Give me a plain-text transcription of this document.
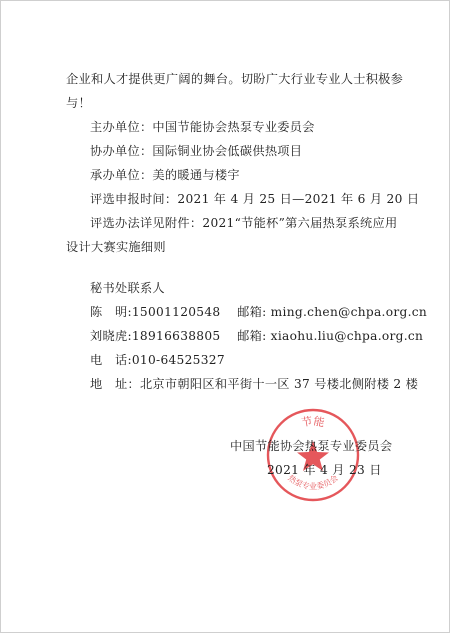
企业和人才提供更广阔的舞台。切盼广大行业专业人士积极参
与！
主办单位：中国节能协会热泵专业委员会
协办单位：国际铜业协会低碳供热项目
承办单位：美的暖通与楼宇
评选申报时间：2021 年 4 月 25 日—2021 年 6 月 20 日
评选办法详见附件：2021“节能杯”第六届热泵系统应用
设计大赛实施细则
秘书处联系人
陈　明:15001120548　 邮箱: ming.chen@chpa.org.cn
刘晓虎:18916638805　 邮箱: xiaohu.liu@chpa.org.cn
电　话:010-64525327
地　址：北京市朝阳区和平街十一区 37 号楼北侧附楼 2 楼
节能
热泵专业委员会
中国节能协会热泵专业委员会
2021 年 4 月 23 日
